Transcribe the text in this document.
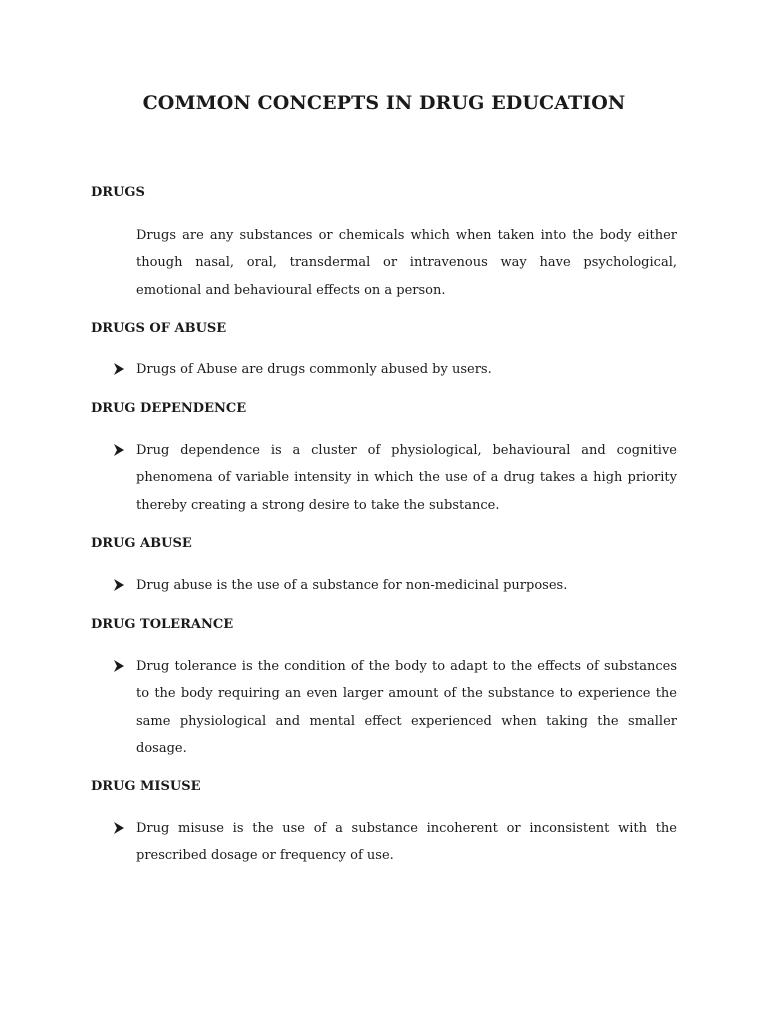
COMMON CONCEPTS IN DRUG EDUCATION
DRUGS

Drugs are any substances or chemicals which when taken into the body either though nasal, oral, transdermal or intravenous way have psychological, emotional and behavioural effects on a person.

DRUGS OF ABUSE

Drugs of Abuse are drugs commonly abused by users.

DRUG DEPENDENCE

Drug dependence is a cluster of physiological, behavioural and cognitive phenomena of variable intensity in which the use of a drug takes a high priority thereby creating a strong desire to take the substance.

DRUG ABUSE

Drug abuse is the use of a substance for non-medicinal purposes.

DRUG TOLERANCE

Drug tolerance is the condition of the body to adapt to the effects of substances to the body requiring an even larger amount of the substance to experience the same physiological and mental effect experienced when taking the smaller dosage.

DRUG MISUSE

Drug misuse is the use of a substance incoherent or inconsistent with the prescribed dosage or frequency of use.
